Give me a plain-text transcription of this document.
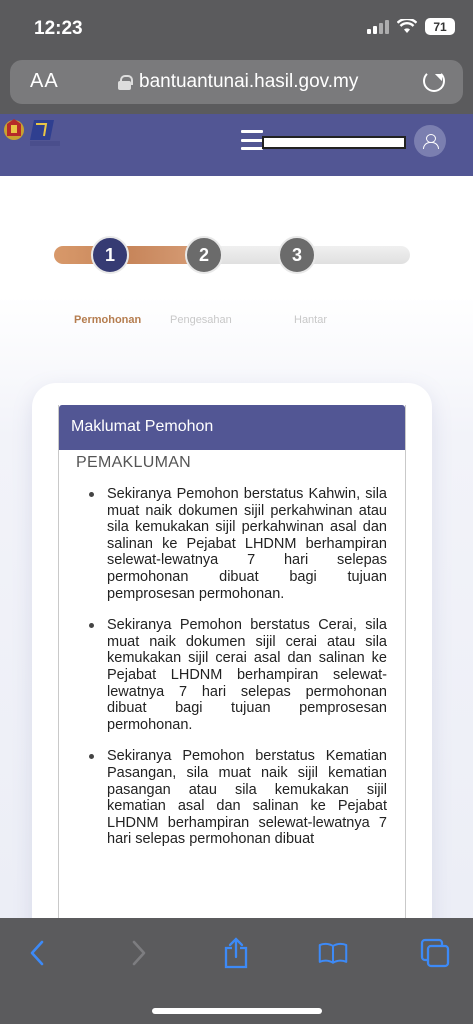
12:23	71
AA	bantuantunai.hasil.gov.my
1	2	3
Permohonan	Pengesahan	Hantar
Maklumat Pemohon
PEMAKLUMAN
Sekiranya Pemohon berstatus Kahwin, sila muat naik dokumen sijil perkahwinan atau sila kemukakan sijil perkahwinan asal dan salinan ke Pejabat LHDNM berhampiran selewat-lewatnya 7 hari selepas permohonan dibuat bagi tujuan pemprosesan permohonan.
Sekiranya Pemohon berstatus Cerai, sila muat naik dokumen sijil cerai atau sila kemukakan sijil cerai asal dan salinan ke Pejabat LHDNM berhampiran selewat-lewatnya 7 hari selepas permohonan dibuat bagi tujuan pemprosesan permohonan.
Sekiranya Pemohon berstatus Kematian Pasangan, sila muat naik sijil kematian pasangan atau sila kemukakan sijil kematian asal dan salinan ke Pejabat LHDNM berhampiran selewat-lewatnya 7 hari selepas permohonan dibuat
